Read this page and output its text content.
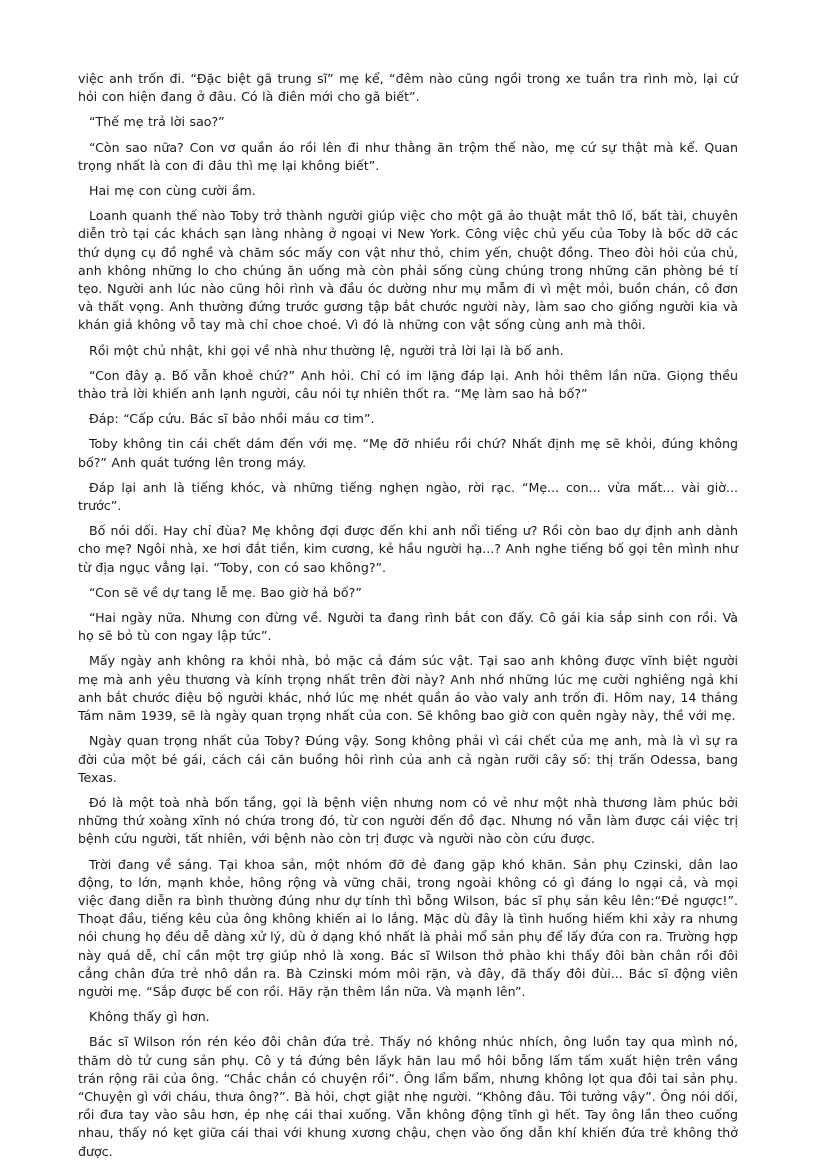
việc anh trốn đi. “Đặc biệt gã trung sĩ” mẹ kể, “đêm nào cũng ngồi trong xe tuần tra rình mò, lại cứ hỏi con hiện đang ở đâu. Có là điên mới cho gã biết”.

“Thế mẹ trả lời sao?”

“Còn sao nữa? Con vơ quần áo rồi lên đi như thằng ăn trộm thế nào, mẹ cứ sự thật mà kể. Quan trọng nhất là con đi đâu thì mẹ lại không biết”.

Hai mẹ con cùng cười ầm.

Loanh quanh thế nào Toby trở thành người giúp việc cho một gã ảo thuật mắt thô lố, bất tài, chuyên diễn trò tại các khách sạn làng nhàng ở ngoại vi New York. Công việc chủ yếu của Toby là bốc dỡ các thứ dụng cụ đồ nghề và chăm sóc mấy con vật như thỏ, chim yến, chuột đồng. Theo đòi hỏi của chủ, anh không những lo cho chúng ăn uống mà còn phải sống cùng chúng trong những căn phòng bé tí tẹo. Người anh lúc nào cũng hôi rình và đầu óc dường như mụ mẫm đi vì mệt mỏi, buồn chán, cô đơn và thất vọng. Anh thường đứng trước gương tập bắt chước người này, làm sao cho giống người kia và khán giả không vỗ tay mà chỉ choe choé. Vì đó là những con vật sống cùng anh mà thôi.

Rồi một chủ nhật, khi gọi về nhà như thường lệ, người trả lời lại là bố anh.

“Con đây ạ. Bố vẫn khoẻ chứ?” Anh hỏi. Chỉ có im lặng đáp lại. Anh hỏi thêm lần nữa. Giọng thều thào trả lời khiến anh lạnh người, câu nói tự nhiên thốt ra. “Mẹ làm sao hả bố?”

Đáp: “Cấp cứu. Bác sĩ bảo nhồi máu cơ tim”.

Toby không tin cái chết dám đến với mẹ. “Mẹ đỡ nhiều rồi chứ? Nhất định mẹ sẽ khỏi, đúng không bố?” Anh quát tướng lên trong máy.

Đáp lại anh là tiếng khóc, và những tiếng nghẹn ngào, rời rạc. “Mẹ... con... vừa mất... vài giờ... trước”.

Bố nói dối. Hay chỉ đùa? Mẹ không đợi được đến khi anh nổi tiếng ư? Rồi còn bao dự định anh dành cho mẹ? Ngôi nhà, xe hơi đắt tiền, kim cương, kẻ hầu người hạ...? Anh nghe tiếng bố gọi tên mình như từ địa ngục vẳng lại. “Toby, con có sao không?”.

“Con sẽ về dự tang lễ mẹ. Bao giờ hả bố?”

“Hai ngày nữa. Nhưng con đừng về. Người ta đang rình bắt con đấy. Cô gái kia sắp sinh con rồi. Và họ sẽ bỏ tù con ngay lập tức”.

Mấy ngày anh không ra khỏi nhà, bỏ mặc cả đám súc vật. Tại sao anh không được vĩnh biệt người mẹ mà anh yêu thương và kính trọng nhất trên đời này? Anh nhớ những lúc mẹ cười nghiêng ngả khi anh bắt chước điệu bộ người khác, nhớ lúc mẹ nhét quần áo vào valy anh trốn đi. Hôm nay, 14 tháng Tám năm 1939, sẽ là ngày quan trọng nhất của con. Sẽ không bao giờ con quên ngày này, thề với mẹ.

Ngày quan trọng nhất của Toby? Đúng vậy. Song không phải vì cái chết của mẹ anh, mà là vì sự ra đời của một bé gái, cách cái căn buồng hôi rình của anh cả ngàn rưỡi cây số: thị trấn Odessa, bang Texas.

Đó là một toà nhà bốn tầng, gọi là bệnh viện nhưng nom có vẻ như một nhà thương làm phúc bởi những thứ xoàng xĩnh nó chứa trong đó, từ con người đến đồ đạc. Nhưng nó vẫn làm được cái việc trị bệnh cứu người, tất nhiên, với bệnh nào còn trị được và người nào còn cứu được.

Trời đang về sáng. Tại khoa sản, một nhóm đỡ đẻ đang gặp khó khăn. Sản phụ Czinski, dân lao động, to lớn, mạnh khỏe, hông rộng và vững chãi, trong ngoài không có gì đáng lo ngại cả, và mọi việc đang diễn ra bình thường đúng như dự tính thì bỗng Wilson, bác sĩ phụ sản kêu lên:“Đẻ ngược!”. Thoạt đầu, tiếng kêu của ông không khiến ai lo lắng. Mặc dù đây là tình huống hiếm khi xảy ra nhưng nói chung họ đều dễ dàng xử lý, dù ở dạng khó nhất là phải mổ sản phụ để lấy đứa con ra. Trường hợp này quá dễ, chỉ cần một trợ giúp nhỏ là xong. Bác sĩ Wilson thở phào khi thấy đôi bàn chân rồi đôi cẳng chân đứa trẻ nhô dần ra. Bà Czinski móm môi rặn, và đây, đã thấy đôi đùi... Bác sĩ động viên người mẹ. “Sắp được bế con rồi. Hãy rặn thêm lần nữa. Và mạnh lên”.

Không thấy gì hơn.

Bác sĩ Wilson rón rén kéo đôi chân đứa trẻ. Thấy nó không nhúc nhích, ông luồn tay qua mình nó, thăm dò tử cung sản phụ. Cô y tá đứng bên lấyk hăn lau mồ hôi bỗng lấm tấm xuất hiện trên vầng trán rộng rãi của ông. “Chắc chắn có chuyện rồi”. Ông lẩm bẩm, nhưng không lọt qua đôi tai sản phụ. “Chuyện gì với cháu, thưa ông?”. Bà hỏi, chợt giật nhẹ người. “Không đâu. Tôi tưởng vậy”. Ông nói dối, rồi đưa tay vào sâu hơn, ép nhẹ cái thai xuống. Vẫn không động tĩnh gì hết. Tay ông lần theo cuống nhau, thấy nó kẹt giữa cái thai với khung xương chậu, chẹn vào ống dẫn khí khiến đứa trẻ không thở được.
